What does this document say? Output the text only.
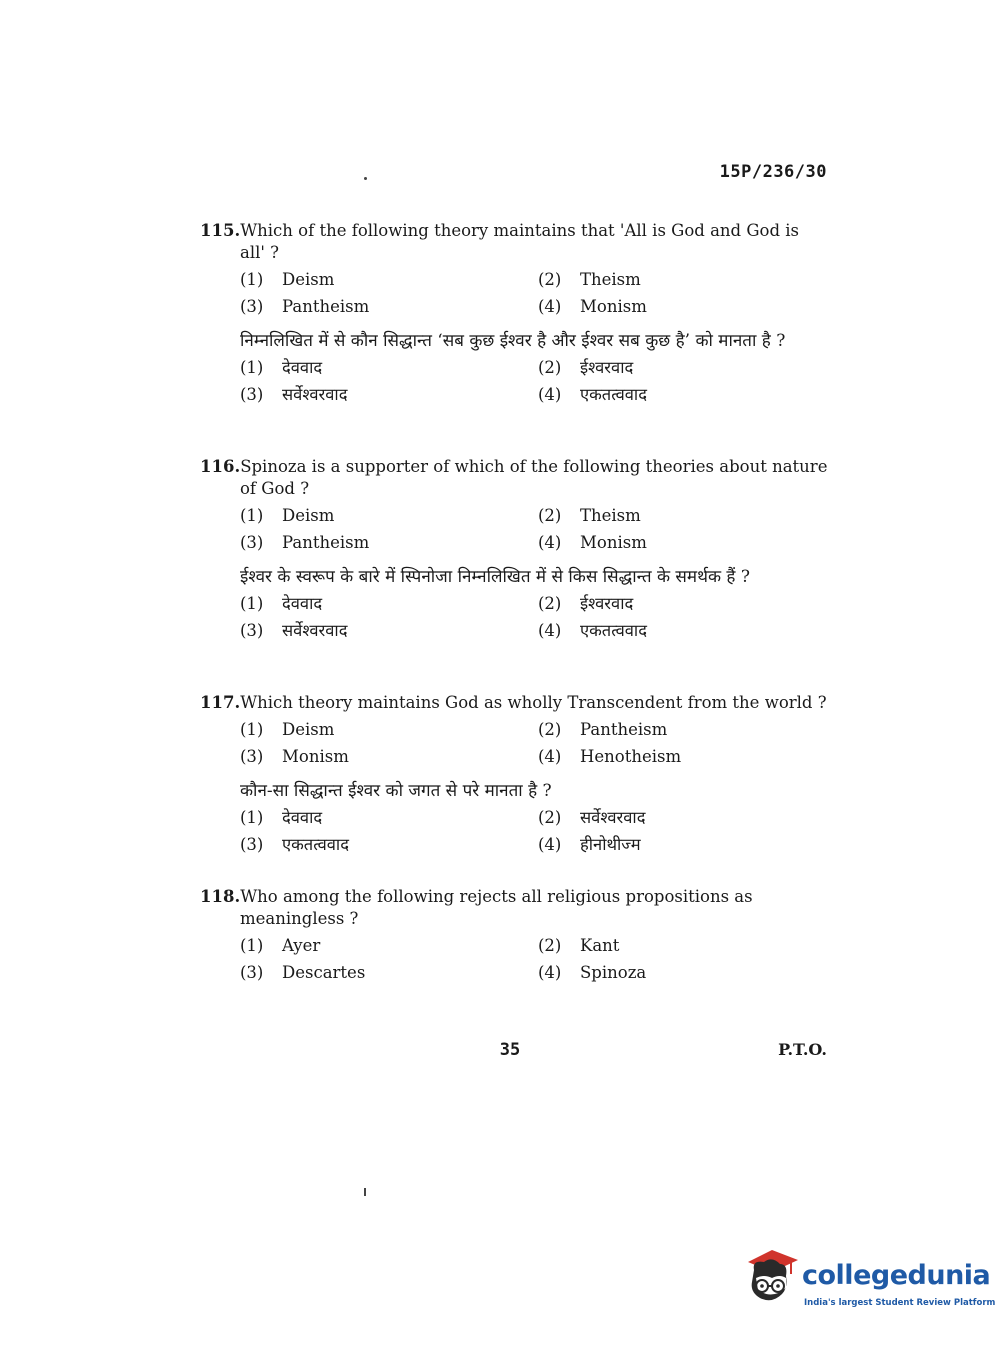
15P/236/30
115.Which of the following theory maintains that 'All is God and God is all' ?
(1) Deism	(2) Theism
(3) Pantheism	(4) Monism
निम्नलिखित में से कौन सिद्धान्त ‘सब कुछ ईश्वर है और ईश्वर सब कुछ है’ को मानता है ?
(1) देववाद	(2) ईश्वरवाद
(3) सर्वेश्वरवाद	(4) एकतत्ववाद
116.Spinoza is a supporter of which of the following theories about nature of God ?
(1) Deism	(2) Theism
(3) Pantheism	(4) Monism
ईश्वर के स्वरूप के बारे में स्पिनोजा निम्नलिखित में से किस सिद्धान्त के समर्थक हैं ?
(1) देववाद	(2) ईश्वरवाद
(3) सर्वेश्वरवाद	(4) एकतत्ववाद
117.Which theory maintains God as wholly Transcendent from the world ?
(1) Deism	(2) Pantheism
(3) Monism	(4) Henotheism
कौन-सा सिद्धान्त ईश्वर को जगत से परे मानता है ?
(1) देववाद	(2) सर्वेश्वरवाद
(3) एकतत्ववाद	(4) हीनोथीज्म
118.Who among the following rejects all religious propositions as meaningless ?
(1) Ayer	(2) Kant
(3) Descartes	(4) Spinoza
35	P.T.O.
collegedunia
India's largest Student Review Platform
